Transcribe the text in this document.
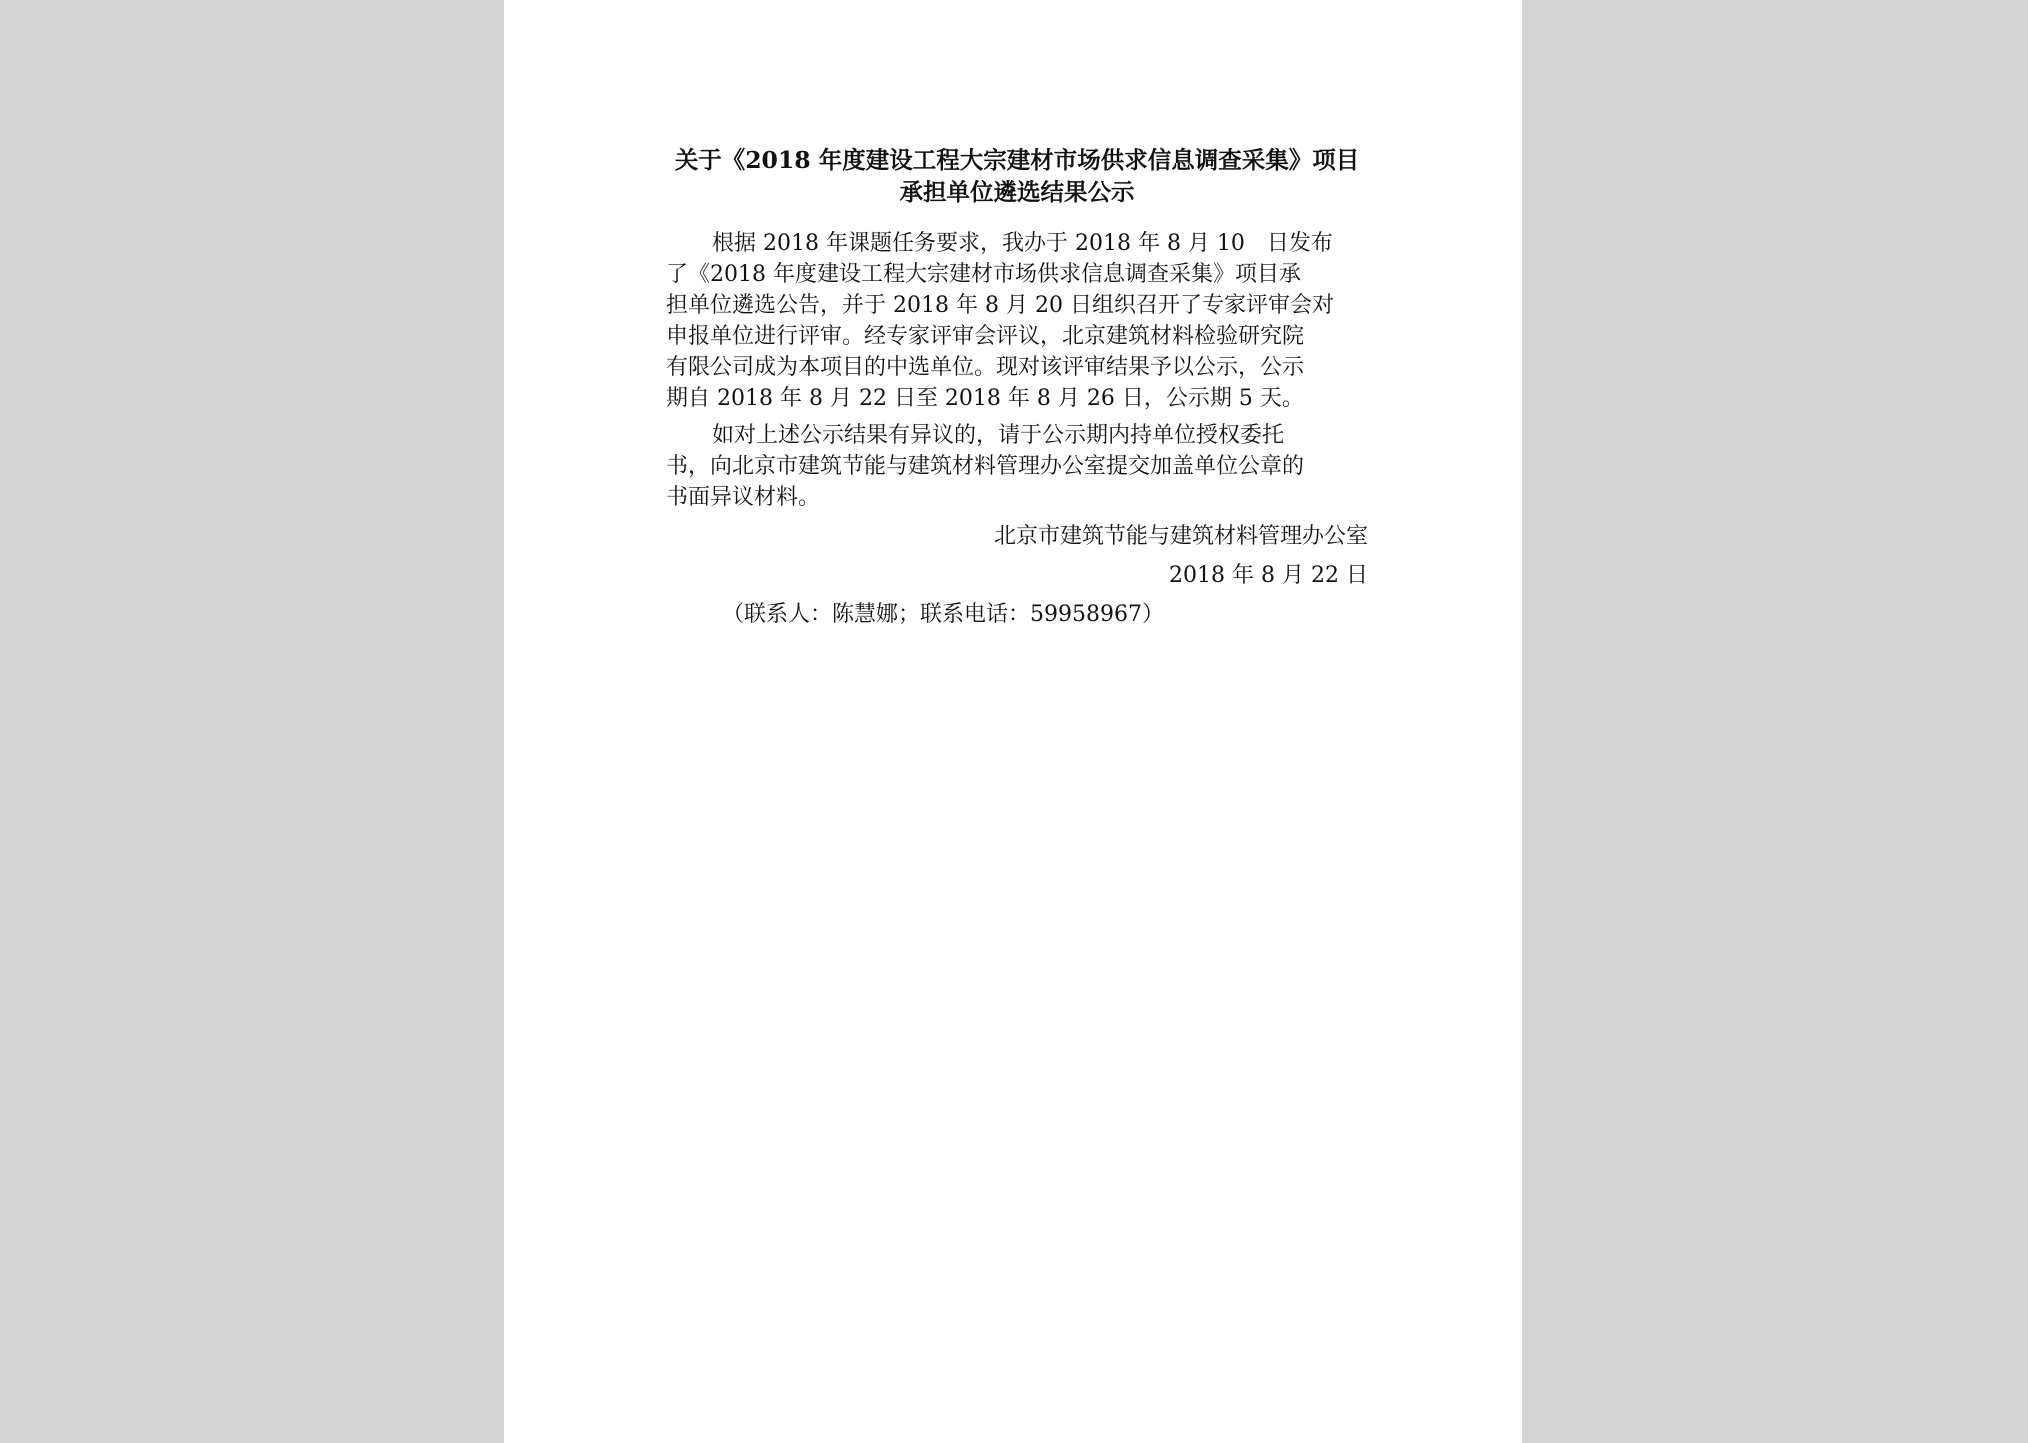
关于《2018 年度建设工程大宗建材市场供求信息调查采集》项目
承担单位遴选结果公示
根据 2018 年课题任务要求，我办于 2018 年 8 月 10　日发布
了《2018 年度建设工程大宗建材市场供求信息调查采集》项目承
担单位遴选公告，并于 2018 年 8 月 20 日组织召开了专家评审会对
申报单位进行评审。经专家评审会评议，北京建筑材料检验研究院
有限公司成为本项目的中选单位。现对该评审结果予以公示，公示
期自 2018 年 8 月 22 日至 2018 年 8 月 26 日，公示期 5 天。
如对上述公示结果有异议的，请于公示期内持单位授权委托
书，向北京市建筑节能与建筑材料管理办公室提交加盖单位公章的
书面异议材料。
北京市建筑节能与建筑材料管理办公室
2018 年 8 月 22 日
（联系人：陈慧娜；联系电话：59958967）
